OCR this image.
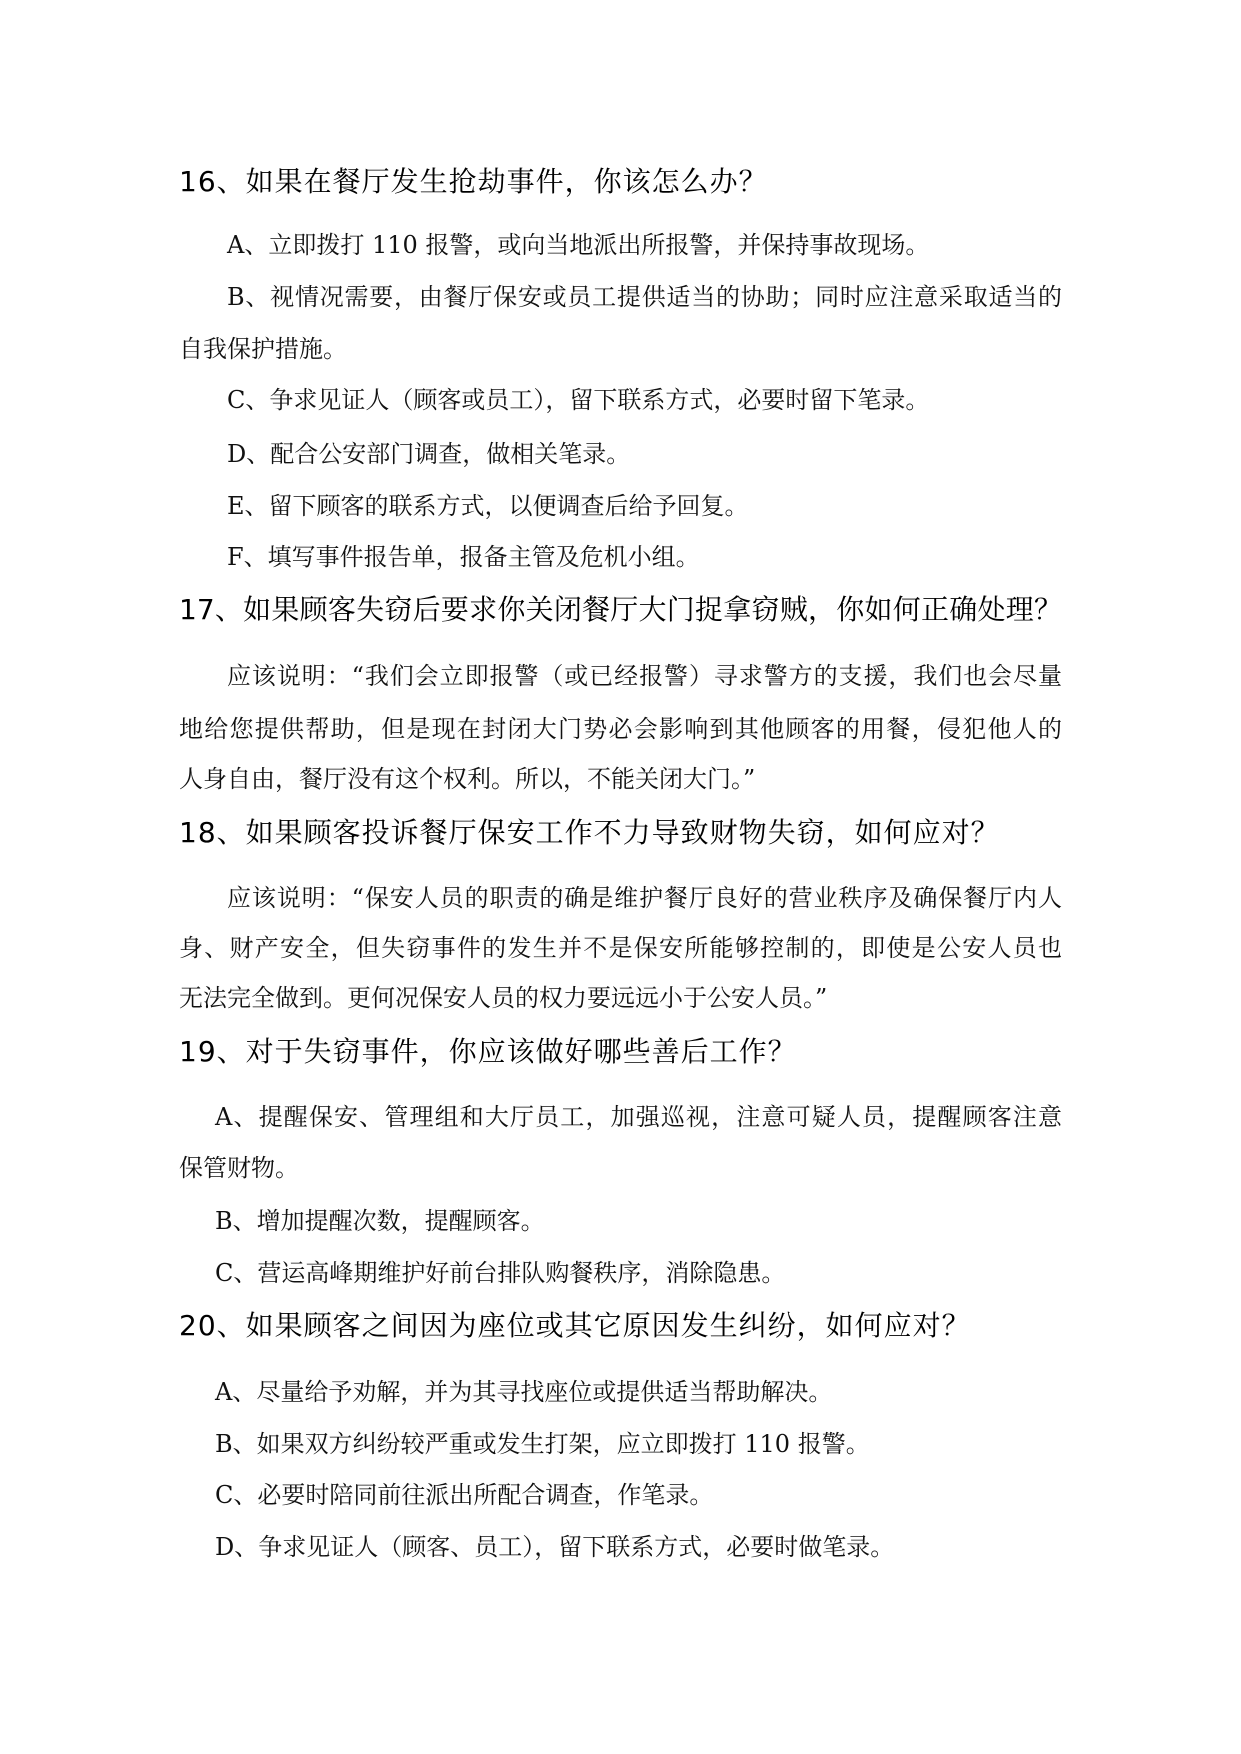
16、如果在餐厅发生抢劫事件，你该怎么办？
A、立即拨打 110 报警，或向当地派出所报警，并保持事故现场。
B、视情况需要，由餐厅保安或员工提供适当的协助；同时应注意采取适当的
自我保护措施。
C、争求见证人（顾客或员工），留下联系方式，必要时留下笔录。
D、配合公安部门调查，做相关笔录。
E、留下顾客的联系方式，以便调查后给予回复。
F、填写事件报告单，报备主管及危机小组。
17、如果顾客失窃后要求你关闭餐厅大门捉拿窃贼，你如何正确处理？
应该说明：“我们会立即报警（或已经报警）寻求警方的支援，我们也会尽量
地给您提供帮助，但是现在封闭大门势必会影响到其他顾客的用餐，侵犯他人的
人身自由，餐厅没有这个权利。所以，不能关闭大门。”
18、如果顾客投诉餐厅保安工作不力导致财物失窃，如何应对？
应该说明：“保安人员的职责的确是维护餐厅良好的营业秩序及确保餐厅内人
身、财产安全，但失窃事件的发生并不是保安所能够控制的，即使是公安人员也
无法完全做到。更何况保安人员的权力要远远小于公安人员。”
19、对于失窃事件，你应该做好哪些善后工作？
A、提醒保安、管理组和大厅员工，加强巡视，注意可疑人员，提醒顾客注意
保管财物。
B、增加提醒次数，提醒顾客。
C、营运高峰期维护好前台排队购餐秩序，消除隐患。
20、如果顾客之间因为座位或其它原因发生纠纷，如何应对？
A、尽量给予劝解，并为其寻找座位或提供适当帮助解决。
B、如果双方纠纷较严重或发生打架，应立即拨打 110 报警。
C、必要时陪同前往派出所配合调查，作笔录。
D、争求见证人（顾客、员工），留下联系方式，必要时做笔录。
